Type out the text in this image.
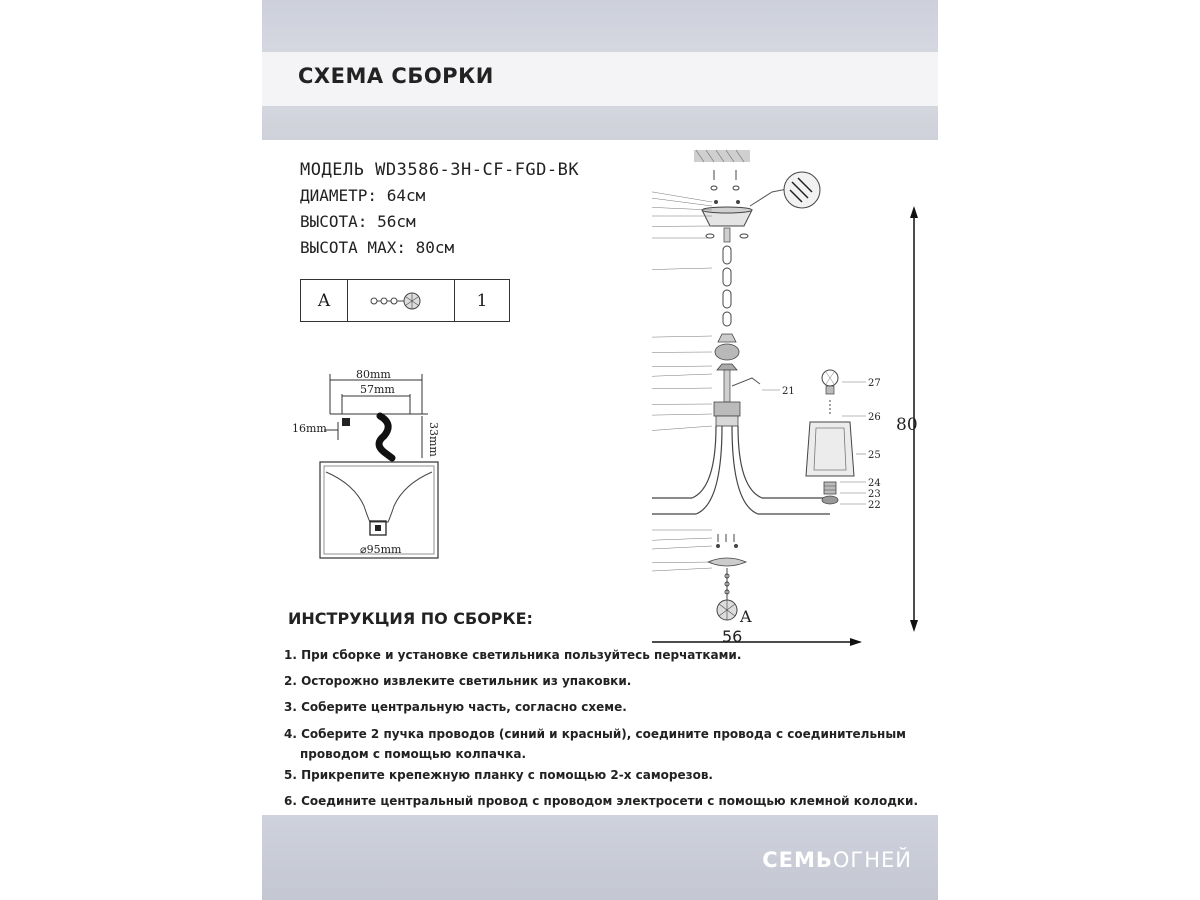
СХЕМА СБОРКИ
МОДЕЛЬ WD3586-3H-CF-FGD-BK
ДИАМЕТР: 64см
ВЫСОТА: 56см
ВЫСОТА МАХ: 80см
A	1
80mm
57mm
16mm	33mm
⌀95mm
A
80
27
26
25
24
23
22
21
56
ИНСТРУКЦИЯ ПО СБОРКЕ:
1. При сборке и установке светильника пользуйтесь перчатками.
2. Осторожно извлеките светильник из упаковки.
3. Соберите центральную часть, согласно схеме.
4. Соберите 2 пучка проводов (синий и красный), соедините провода с соединительным
проводом с помощью колпачка.
5. Прикрепите крепежную планку с помощью 2-х саморезов.
6. Соедините центральный провод с проводом электросети с помощью клемной колодки.
СЕМЬОГНЕЙ
